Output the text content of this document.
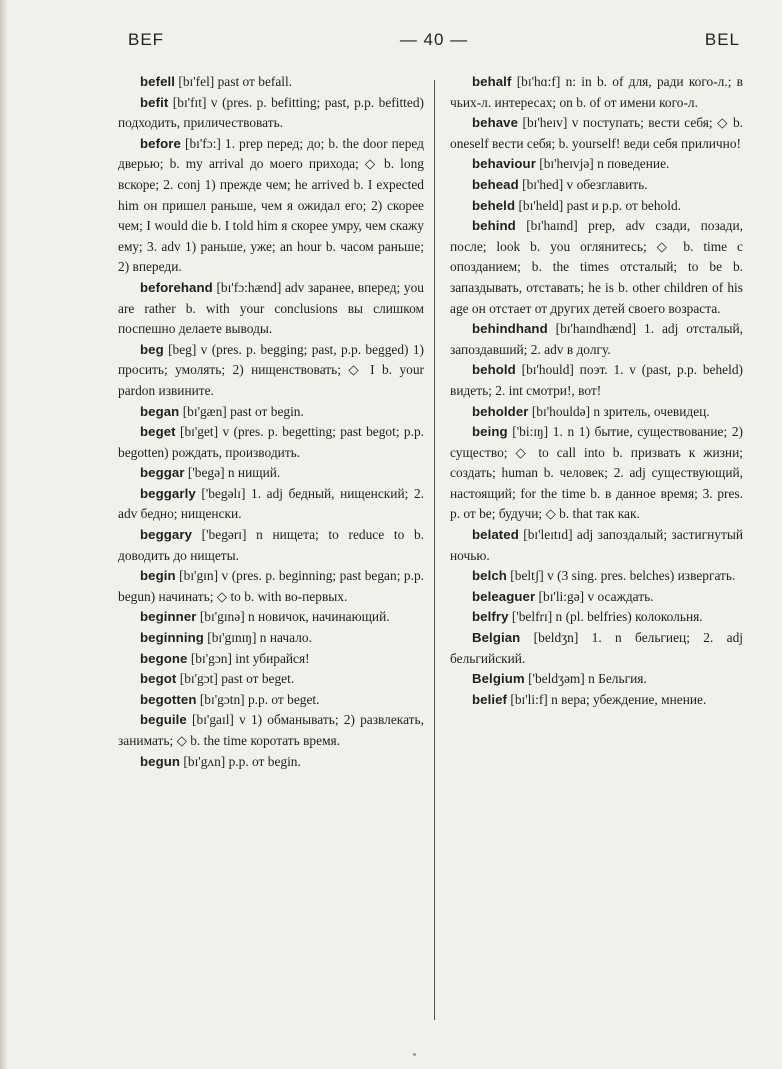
BEF	— 40 —	BEL

befell [bɪ'fel] past от befall.

befit [bɪ'fɪt] v (pres. p. befitting; past, p.p. befitted) подходить, приличествовать.

before [bɪ'fɔ:] 1. prep перед; до; b. the door перед дверью; b. my arrival до моего прихода; ◇ b. long вскоре; 2. conj 1) прежде чем; he arrived b. I expected him он пришел раньше, чем я ожидал его; 2) скорее чем; I would die b. I told him я скорее умру, чем скажу ему; 3. adv 1) раньше, уже; an hour b. часом раньше; 2) впереди.

beforehand [bɪ'fɔ:hænd] adv заранее, вперед; you are rather b. with your conclusions вы слишком поспешно делаете выводы.

beg [beg] v (pres. p. begging; past, p.p. begged) 1) просить; умолять; 2) нищенствовать; ◇ I b. your pardon извините.

began [bɪ'gæn] past от begin.

beget [bɪ'get] v (pres. p. begetting; past begot; p.p. begotten) рождать, производить.

beggar ['begə] n нищий.

beggarly ['begəlɪ] 1. adj бедный, нищенский; 2. adv бедно; нищенски.

beggary ['begərɪ] n нищета; to reduce to b. доводить до нищеты.

begin [bɪ'gɪn] v (pres. p. beginning; past began; p.p. begun) начинать; ◇ to b. with во-первых.

beginner [bɪ'gɪnə] n новичок, начинающий.

beginning [bɪ'gɪnɪŋ] n начало.

begone [bɪ'gɔn] int убирайся!

begot [bɪ'gɔt] past от beget.

begotten [bɪ'gɔtn] p.p. от beget.

beguile [bɪ'gaɪl] v 1) обманывать; 2) развлекать, занимать; ◇ b. the time коротать время.

begun [bɪ'gʌn] p.p. от begin.

behalf [bɪ'hɑ:f] n: in b. of для, ради кого-л.; в чьих-л. интересах; on b. of от имени кого-л.

behave [bɪ'heɪv] v поступать; вести себя; ◇ b. oneself вести себя; b. yourself! веди себя прилично!

behaviour [bɪ'heɪvjə] n поведение.

behead [bɪ'hed] v обезглавить.

beheld [bɪ'held] past и p.p. от behold.

behind [bɪ'haɪnd] prep, adv сзади, позади, после; look b. you оглянитесь; ◇ b. time с опозданием; b. the times отсталый; to be b. запаздывать, отставать; he is b. other children of his age он отстает от других детей своего возраста.

behindhand [bɪ'haɪndhænd] 1. adj отсталый, запоздавший; 2. adv в долгу.

behold [bɪ'hould] поэт. 1. v (past, p.p. beheld) видеть; 2. int смотри!, вот!

beholder [bɪ'houldə] n зритель, очевидец.

being ['bi:ɪŋ] 1. n 1) бытие, существование; 2) существо; ◇ to call into b. призвать к жизни; создать; human b. человек; 2. adj существующий, настоящий; for the time b. в данное время; 3. pres. p. от be; будучи; ◇ b. that так как.

belated [bɪ'leɪtɪd] adj запоздалый; застигнутый ночью.

belch [beltʃ] v (3 sing. pres. belches) извергать.

beleaguer [bɪ'li:gə] v осаждать.

belfry ['belfrɪ] n (pl. belfries) колокольня.

Belgian [beldʒn] 1. n бельгиец; 2. adj бельгийский.

Belgium ['beldʒəm] n Бельгия.

belief [bɪ'li:f] n вера; убеждение, мнение.
